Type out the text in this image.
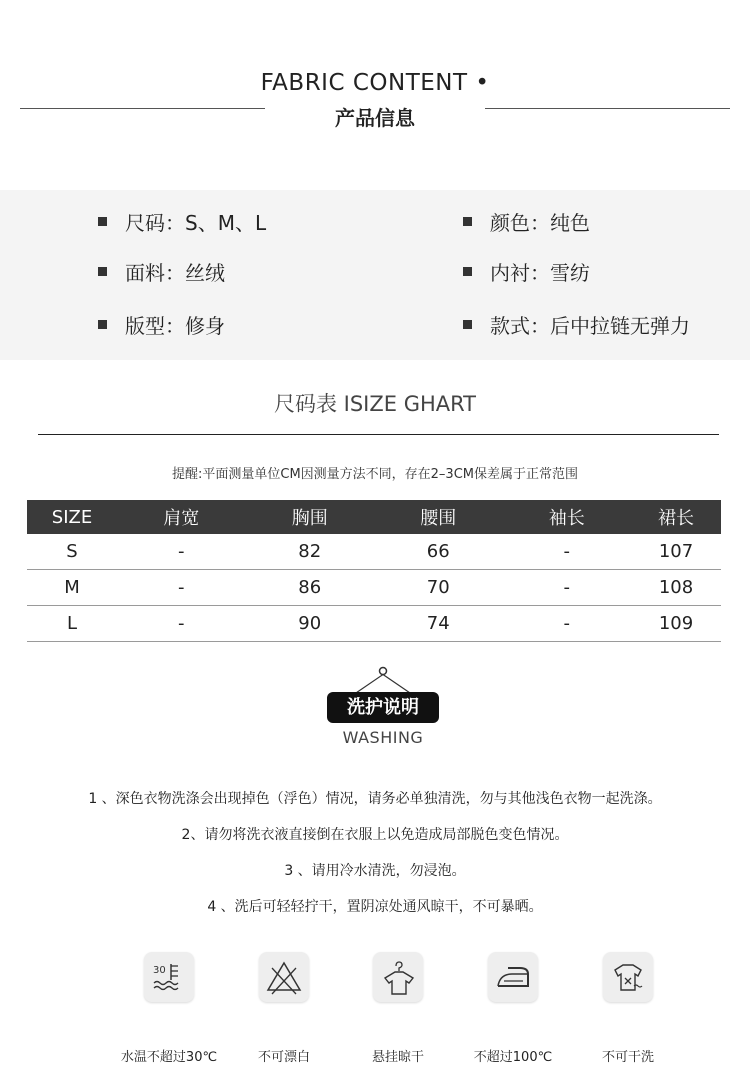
FABRIC CONTENT •
产品信息
尺码：S、M、L	颜色：纯色
面料：丝绒	内衬：雪纺
版型：修身	款式：后中拉链无弹力
尺码表 ISIZE GHART
提醒:平面测量单位CM因测量方法不同，存在2–3CM保差属于正常范围
SIZE	肩宽	胸围	腰围	袖长	裙长
S	-	82	66	-	107
M	-	86	70	-	108
L	-	90	74	-	109
洗护说明
WASHING
1 、深色衣物洗涤会出现掉色（浮色）情况，请务必单独清洗，勿与其他浅色衣物一起洗涤。
2、请勿将洗衣液直接倒在衣服上以免造成局部脱色变色情况。
3 、请用冷水清洗，勿浸泡。
4 、洗后可轻轻拧干，置阴凉处通风晾干，不可暴晒。
30
水温不超过30℃	不可漂白	悬挂晾干	不超过100℃	不可干洗
